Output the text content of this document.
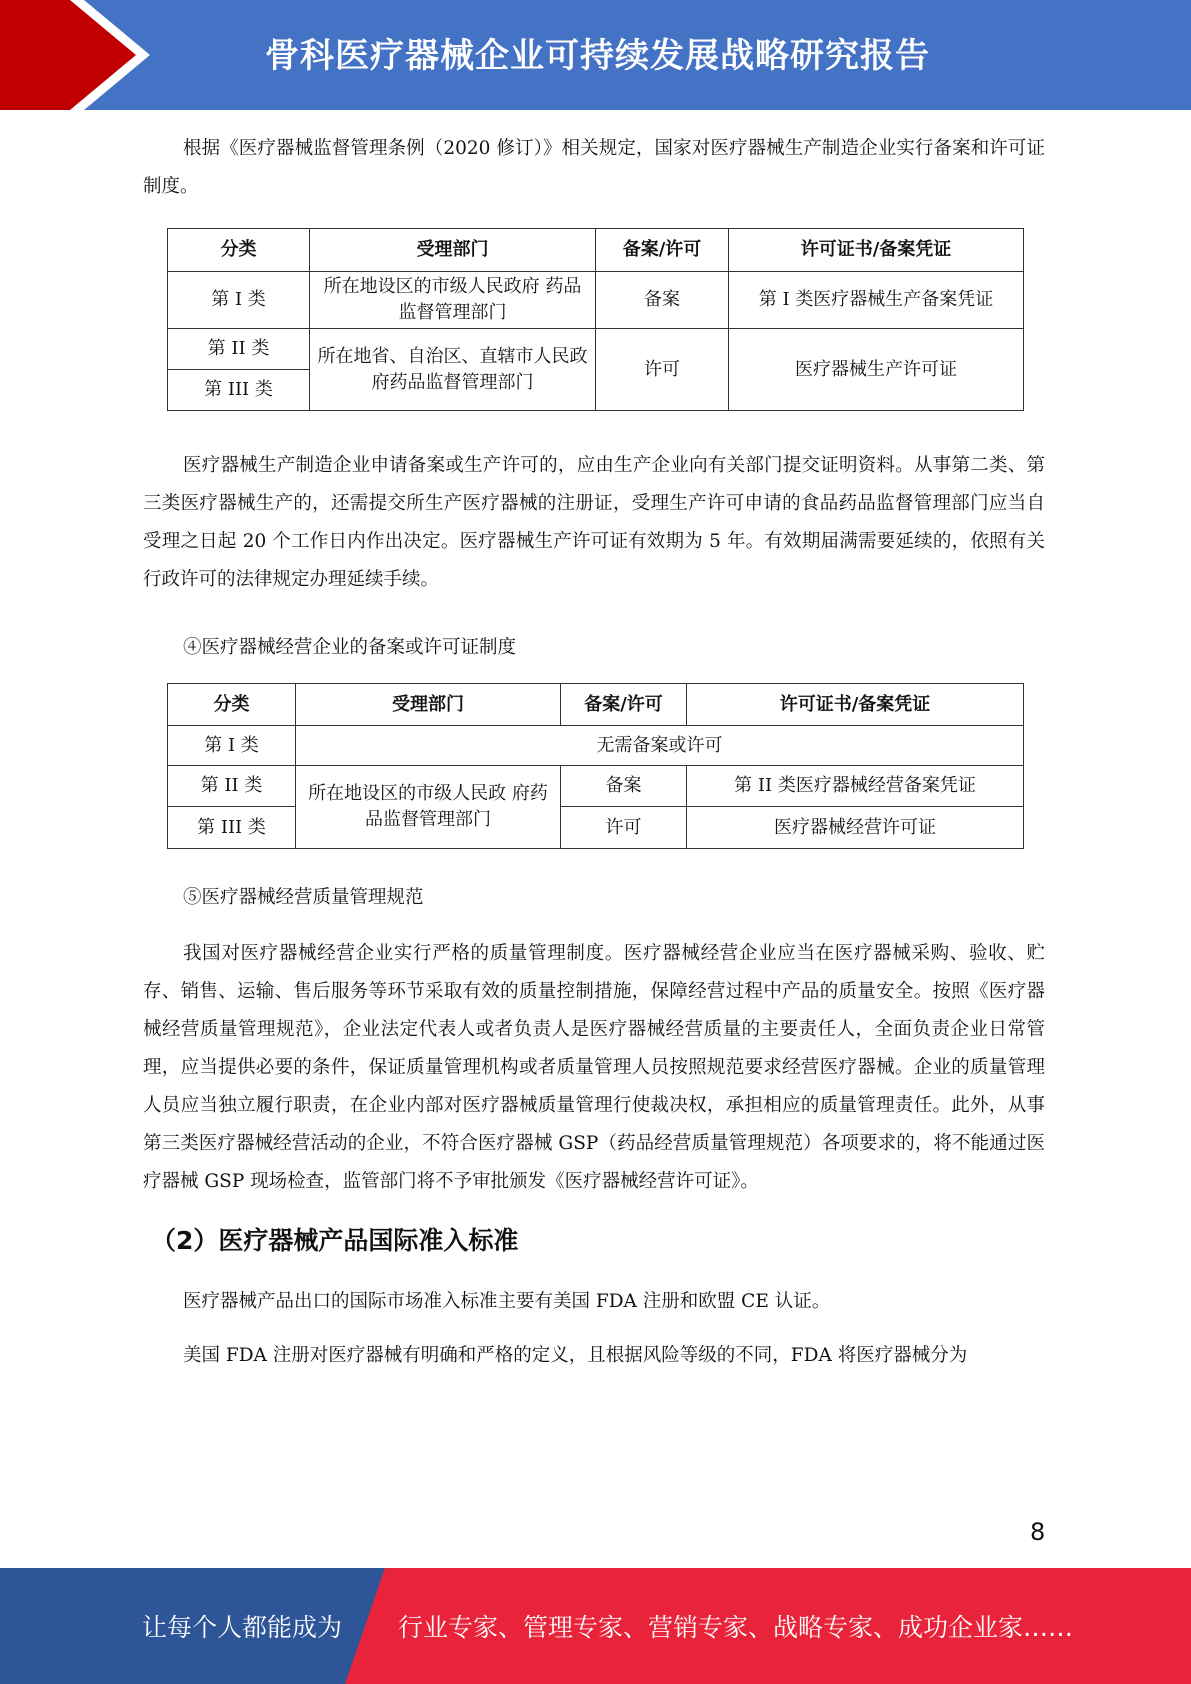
骨科医疗器械企业可持续发展战略研究报告

根据《医疗器械监督管理条例（2020 修订）》相关规定，国家对医疗器械生产制造企业实行备案和许可证制度。

分类	受理部门	备案/许可	许可证书/备案凭证
第 I 类	所在地设区的市级人民政府 药品监督管理部门	备案	第 I 类医疗器械生产备案凭证
第 II 类	所在地省、自治区、直辖市人民政府药品监督管理部门	许可	医疗器械生产许可证
第 III 类			

医疗器械生产制造企业申请备案或生产许可的，应由生产企业向有关部门提交证明资料。从事第二类、第三类医疗器械生产的，还需提交所生产医疗器械的注册证，受理生产许可申请的食品药品监督管理部门应当自受理之日起 20 个工作日内作出决定。医疗器械生产许可证有效期为 5 年。有效期届满需要延续的，依照有关行政许可的法律规定办理延续手续。

④医疗器械经营企业的备案或许可证制度

分类	受理部门	备案/许可	许可证书/备案凭证
第 I 类	无需备案或许可		
第 II 类	所在地设区的市级人民政 府药品监督管理部门	备案	第 II 类医疗器械经营备案凭证
第 III 类		许可	医疗器械经营许可证

⑤医疗器械经营质量管理规范

我国对医疗器械经营企业实行严格的质量管理制度。医疗器械经营企业应当在医疗器械采购、验收、贮存、销售、运输、售后服务等环节采取有效的质量控制措施，保障经营过程中产品的质量安全。按照《医疗器械经营质量管理规范》，企业法定代表人或者负责人是医疗器械经营质量的主要责任人，全面负责企业日常管理，应当提供必要的条件，保证质量管理机构或者质量管理人员按照规范要求经营医疗器械。企业的质量管理人员应当独立履行职责，在企业内部对医疗器械质量管理行使裁决权，承担相应的质量管理责任。此外，从事第三类医疗器械经营活动的企业，不符合医疗器械 GSP（药品经营质量管理规范）各项要求的，将不能通过医疗器械 GSP 现场检查，监管部门将不予审批颁发《医疗器械经营许可证》。

（2）医疗器械产品国际准入标准

医疗器械产品出口的国际市场准入标准主要有美国 FDA 注册和欧盟 CE 认证。

美国 FDA 注册对医疗器械有明确和严格的定义，且根据风险等级的不同，FDA 将医疗器械分为

8
让每个人都能成为 行业专家、管理专家、营销专家、战略专家、成功企业家……
